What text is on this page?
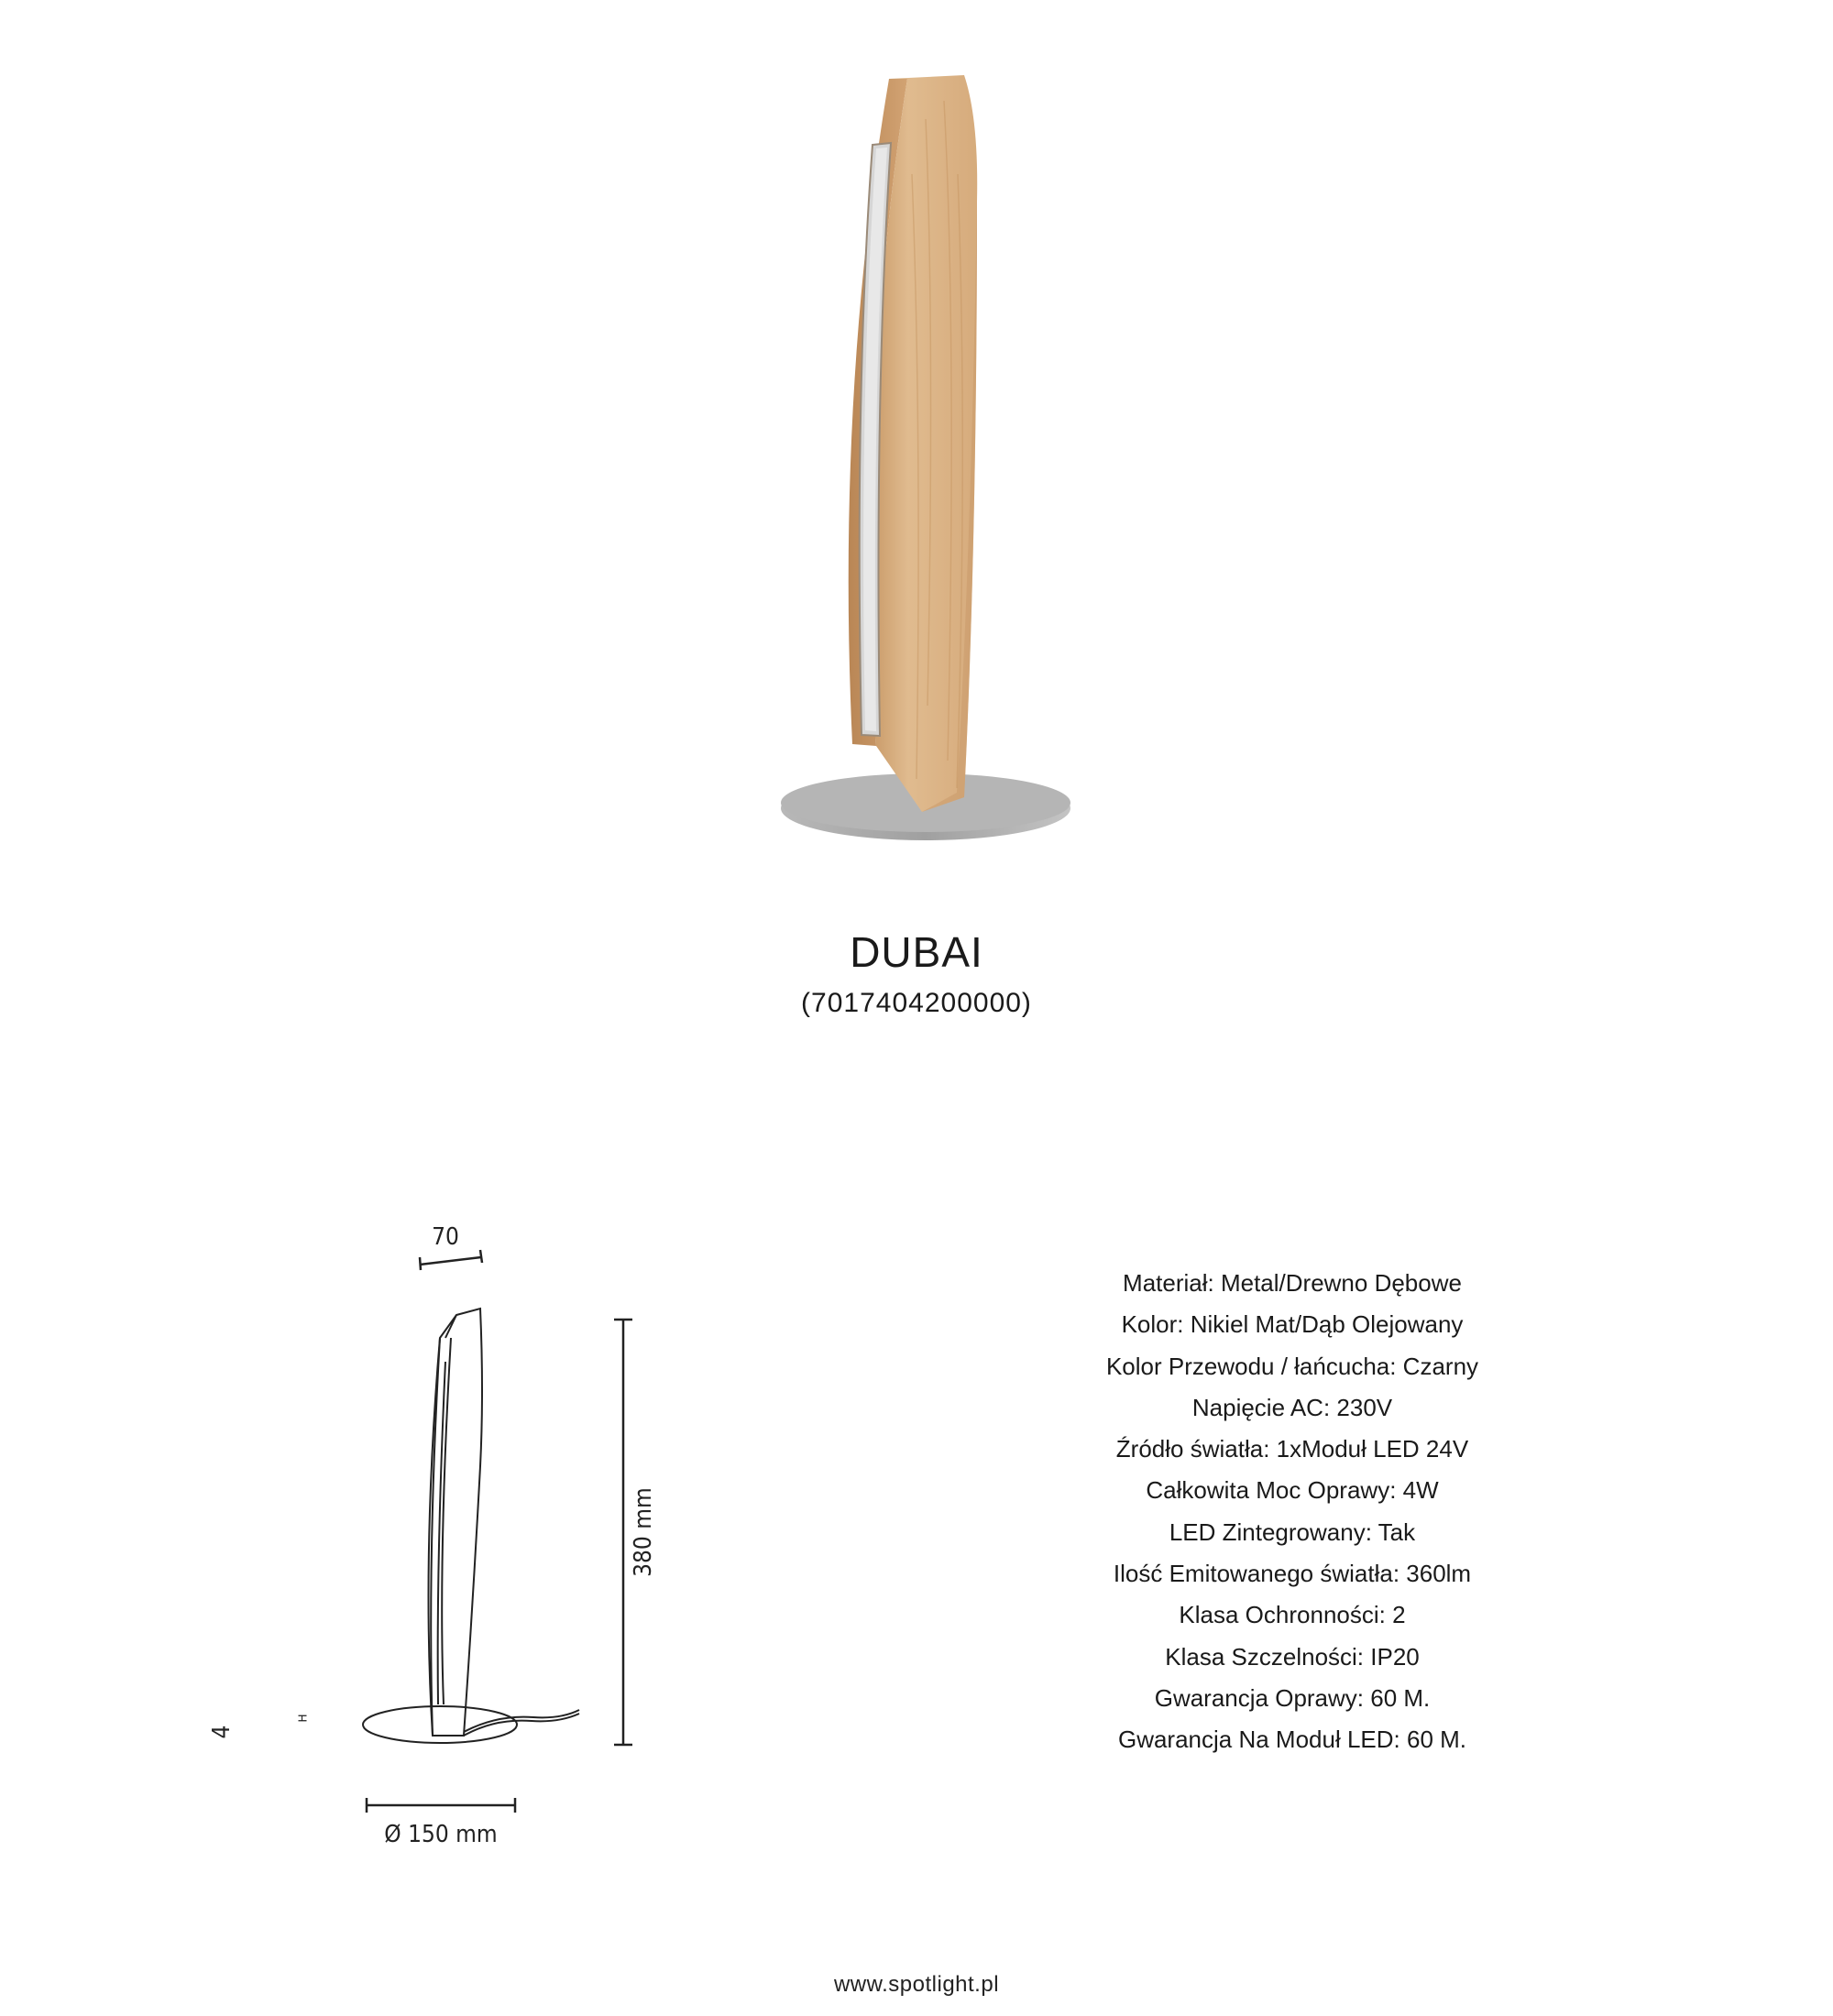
DUBAI
(7017404200000)
70
380 mm
4
Ø 150 mm
H
Materiał: Metal/Drewno Dębowe
Kolor: Nikiel Mat/Dąb Olejowany
Kolor Przewodu / łańcucha: Czarny
Napięcie AC: 230V
Źródło światła: 1xModuł LED 24V
Całkowita Moc Oprawy: 4W
LED Zintegrowany: Tak
Ilość Emitowanego światła: 360lm
Klasa Ochronności: 2
Klasa Szczelności: IP20
Gwarancja Oprawy: 60 M.
Gwarancja Na Moduł LED: 60 M.
www.spotlight.pl
